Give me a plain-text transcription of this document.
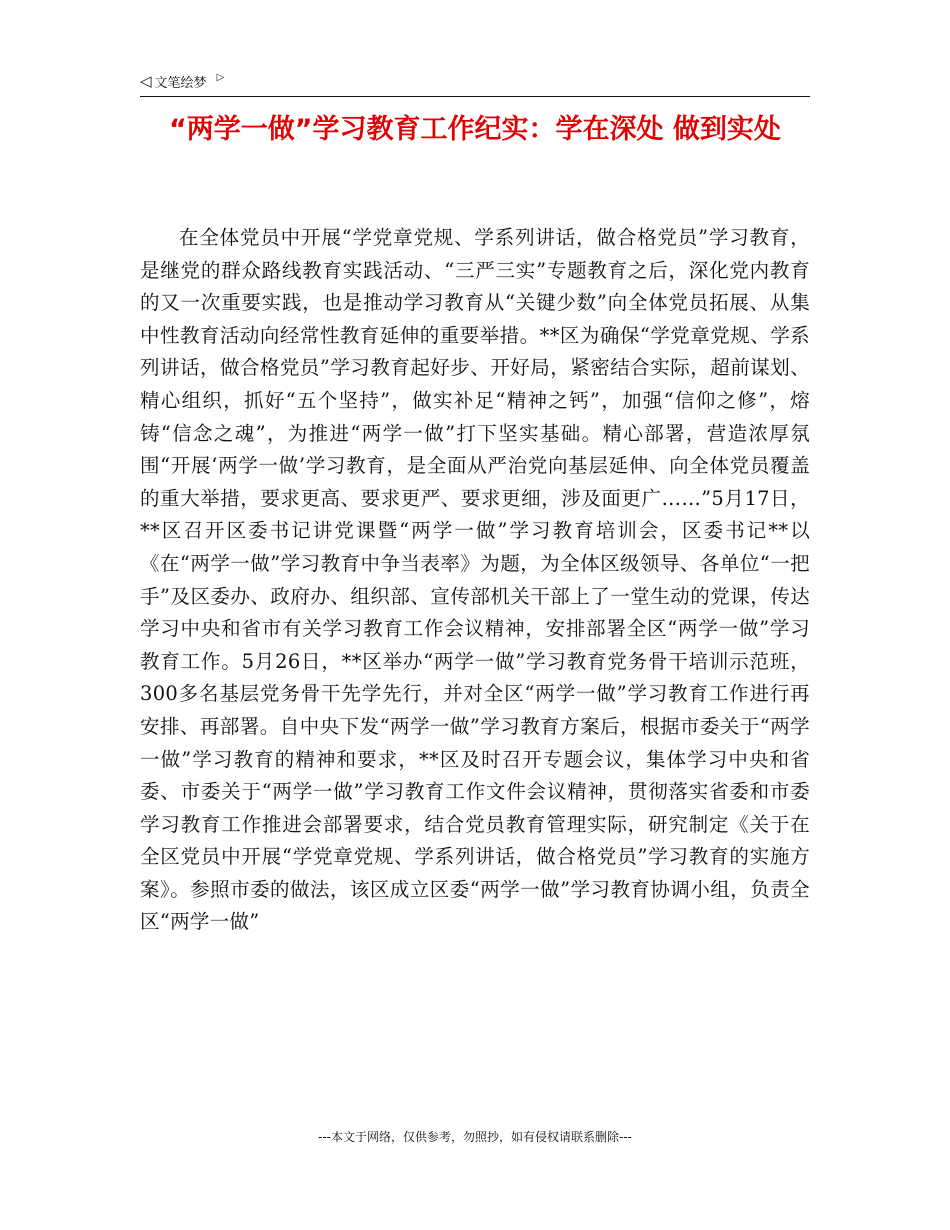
◁ 文笔绘梦 ▷
“两学一做”学习教育工作纪实：学在深处 做到实处

在全体党员中开展“学党章党规、学系列讲话，做合格党员”学习教育，是继党的群众路线教育实践活动、“三严三实”专题教育之后，深化党内教育的又一次重要实践，也是推动学习教育从“关键少数”向全体党员拓展、从集中性教育活动向经常性教育延伸的重要举措。**区为确保“学党章党规、学系列讲话，做合格党员”学习教育起好步、开好局，紧密结合实际，超前谋划、精心组织，抓好“五个坚持”，做实补足“精神之钙”，加强“信仰之修”，熔铸“信念之魂”，为推进“两学一做”打下坚实基础。精心部署，营造浓厚氛围“开展‘两学一做’学习教育，是全面从严治党向基层延伸、向全体党员覆盖的重大举措，要求更高、要求更严、要求更细，涉及面更广……”5月17日，**区召开区委书记讲党课暨“两学一做”学习教育培训会，区委书记**以《在“两学一做”学习教育中争当表率》为题，为全体区级领导、各单位“一把手”及区委办、政府办、组织部、宣传部机关干部上了一堂生动的党课，传达学习中央和省市有关学习教育工作会议精神，安排部署全区“两学一做”学习教育工作。5月26日，**区举办“两学一做”学习教育党务骨干培训示范班，300多名基层党务骨干先学先行，并对全区“两学一做”学习教育工作进行再安排、再部署。自中央下发“两学一做”学习教育方案后，根据市委关于“两学一做”学习教育的精神和要求，**区及时召开专题会议，集体学习中央和省委、市委关于“两学一做”学习教育工作文件会议精神，贯彻落实省委和市委学习教育工作推进会部署要求，结合党员教育管理实际，研究制定《关于在全区党员中开展“学党章党规、学系列讲话，做合格党员”学习教育的实施方案》。参照市委的做法，该区成立区委“两学一做”学习教育协调小组，负责全区“两学一做”

---本文于网络，仅供参考，勿照抄，如有侵权请联系删除---
